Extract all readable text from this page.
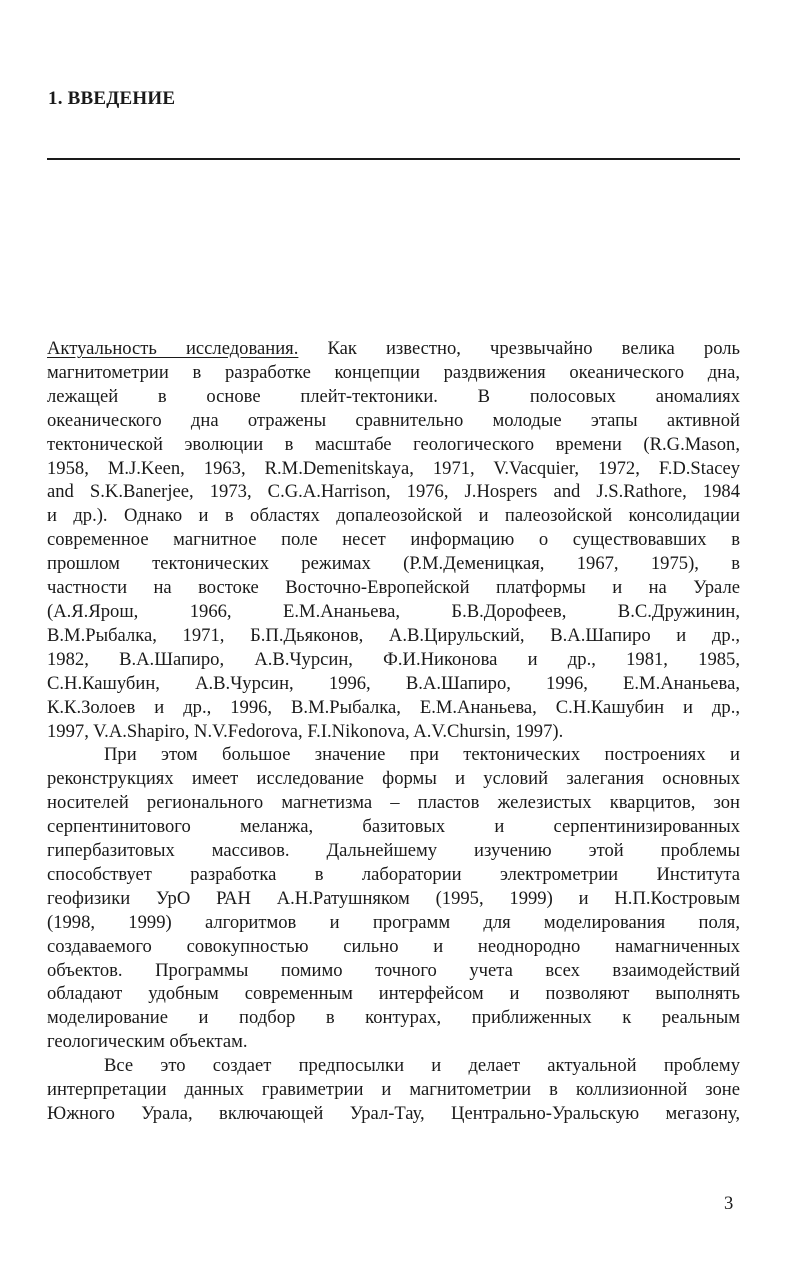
1. ВВЕДЕНИЕ

Актуальность исследования. Как известно, чрезвычайно велика роль
магнитометрии в разработке концепции раздвижения океанического дна,
лежащей в основе плейт-тектоники. В полосовых аномалиях
океанического дна отражены сравнительно молодые этапы активной
тектонической эволюции в масштабе геологического времени (R.G.Mason,
1958, M.J.Keen, 1963, R.M.Demenitskaya, 1971, V.Vacquier, 1972, F.D.Stacey
and S.K.Banerjee, 1973, C.G.A.Harrison, 1976, J.Hospers and J.S.Rathore, 1984
и др.). Однако и в областях допалеозойской и палеозойской консолидации
современное магнитное поле несет информацию о существовавших в
прошлом тектонических режимах (Р.М.Деменицкая, 1967, 1975), в
частности на востоке Восточно-Европейской платформы и на Урале
(А.Я.Ярош, 1966, Е.М.Ананьева, Б.В.Дорофеев, В.С.Дружинин,
В.М.Рыбалка, 1971, Б.П.Дьяконов, А.В.Цирульский, В.А.Шапиро и др.,
1982, В.А.Шапиро, А.В.Чурсин, Ф.И.Никонова и др., 1981, 1985,
С.Н.Кашубин, А.В.Чурсин, 1996, В.А.Шапиро, 1996, Е.М.Ананьева,
К.К.Золоев и др., 1996, В.М.Рыбалка, Е.М.Ананьева, С.Н.Кашубин и др.,
1997, V.A.Shapiro, N.V.Fedorova, F.I.Nikonova, A.V.Chursin, 1997).

При этом большое значение при тектонических построениях и
реконструкциях имеет исследование формы и условий залегания основных
носителей регионального магнетизма – пластов железистых кварцитов, зон
серпентинитового меланжа, базитовых и серпентинизированных
гипербазитовых массивов. Дальнейшему изучению этой проблемы
способствует разработка в лаборатории электрометрии Института
геофизики УрО РАН А.Н.Ратушняком (1995, 1999) и Н.П.Костровым
(1998, 1999) алгоритмов и программ для моделирования поля,
создаваемого совокупностью сильно и неоднородно намагниченных
объектов. Программы помимо точного учета всех взаимодействий
обладают удобным современным интерфейсом и позволяют выполнять
моделирование и подбор в контурах, приближенных к реальным
геологическим объектам.

Все это создает предпосылки и делает актуальной проблему
интерпретации данных гравиметрии и магнитометрии в коллизионной зоне
Южного Урала, включающей Урал-Тау, Центрально-Уральскую мегазону,

3
